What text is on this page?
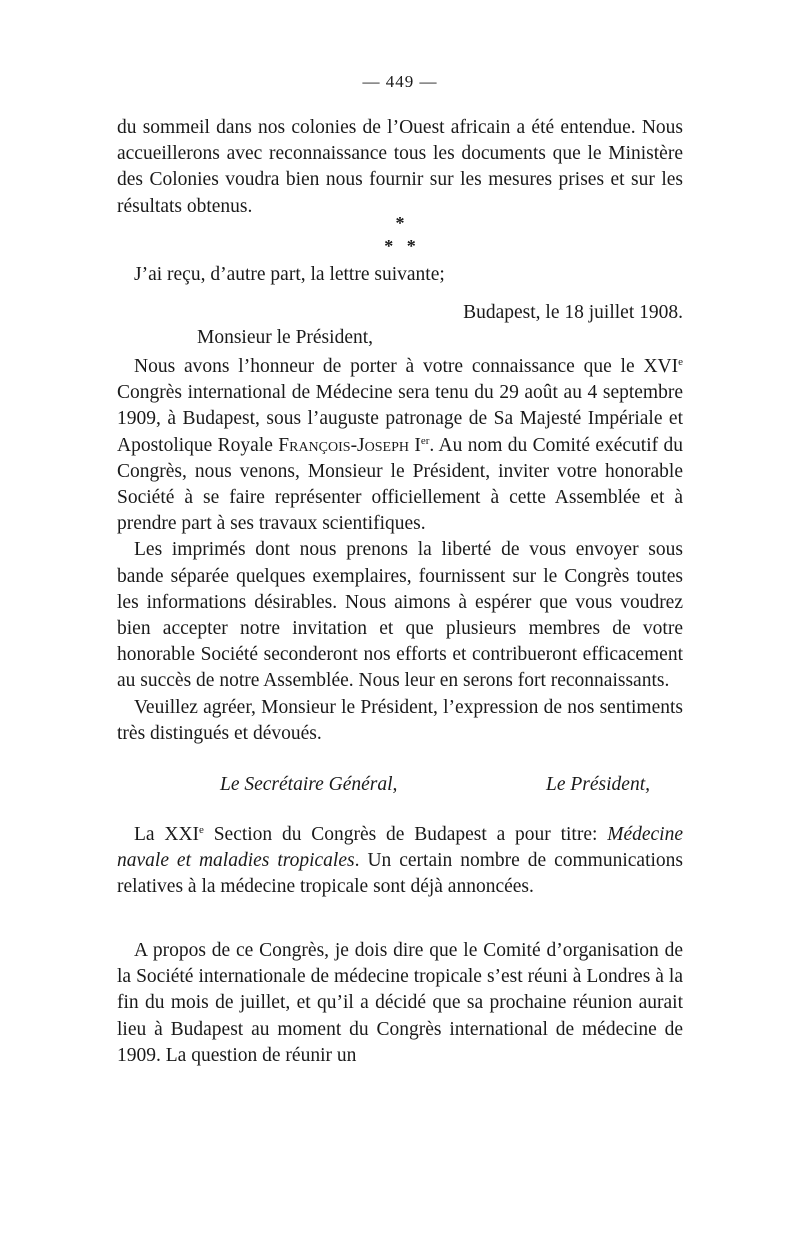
— 449 —

du sommeil dans nos colonies de l’Ouest africain a été entendue. Nous accueillerons avec reconnaissance tous les documents que le Ministère des Colonies voudra bien nous fournir sur les mesures prises et sur les résultats obtenus.

*
*   *

J’ai reçu, d’autre part, la lettre suivante;

Budapest, le 18 juillet 1908.

Monsieur le Président,

Nous avons l’honneur de porter à votre connaissance que le XVIe Congrès international de Médecine sera tenu du 29 août au 4 septembre 1909, à Budapest, sous l’auguste patronage de Sa Majesté Impériale et Apostolique Royale François-Joseph Ier. Au nom du Comité exécutif du Congrès, nous venons, Monsieur le Président, inviter votre honorable Société à se faire représenter officiellement à cette Assemblée et à prendre part à ses travaux scientifiques.

Les imprimés dont nous prenons la liberté de vous envoyer sous bande séparée quelques exemplaires, fournissent sur le Congrès toutes les informations désirables. Nous aimons à espérer que vous voudrez bien accepter notre invitation et que plusieurs membres de votre honorable Société seconderont nos efforts et contribueront efficacement au succès de notre Assemblée. Nous leur en serons fort reconnaissants.

Veuillez agréer, Monsieur le Président, l’expression de nos sentiments très distingués et dévoués.

Le Secrétaire Général,	Le Président,

La XXIe Section du Congrès de Budapest a pour titre: Médecine navale et maladies tropicales. Un certain nombre de communications relatives à la médecine tropicale sont déjà annoncées.

A propos de ce Congrès, je dois dire que le Comité d’organisation de la Société internationale de médecine tropicale s’est réuni à Londres à la fin du mois de juillet, et qu’il a décidé que sa prochaine réunion aurait lieu à Budapest au moment du Congrès international de médecine de 1909. La question de réunir un
